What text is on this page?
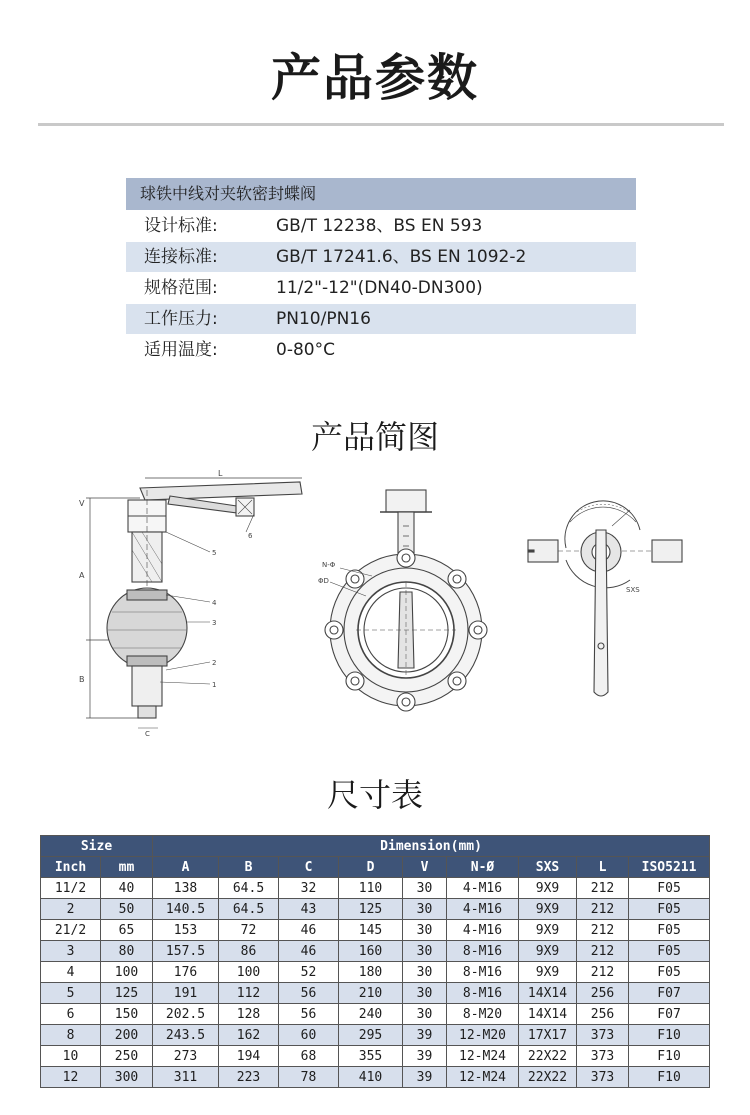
产品参数
球铁中线对夹软密封蝶阀
设计标准:	GB/T 12238、BS EN 593
连接标准:	GB/T 17241.6、BS EN 1092-2
规格范围:	11/2"-12"(DN40-DN300)
工作压力:	PN10/PN16
适用温度:	0-80°C
产品简图
V
A
B
L
1
2
3
4
5
6
C
N-Φ
ΦD
SXS
尺寸表
Size		Dimension(mm)								
Inch	mm	A	B	C	D	V	N-Ø	SXS	L	ISO5211
11/2	40	138	64.5	32	110	30	4-M16	9X9	212	F05
2	50	140.5	64.5	43	125	30	4-M16	9X9	212	F05
21/2	65	153	72	46	145	30	4-M16	9X9	212	F05
3	80	157.5	86	46	160	30	8-M16	9X9	212	F05
4	100	176	100	52	180	30	8-M16	9X9	212	F05
5	125	191	112	56	210	30	8-M16	14X14	256	F07
6	150	202.5	128	56	240	30	8-M20	14X14	256	F07
8	200	243.5	162	60	295	39	12-M20	17X17	373	F10
10	250	273	194	68	355	39	12-M24	22X22	373	F10
12	300	311	223	78	410	39	12-M24	22X22	373	F10
